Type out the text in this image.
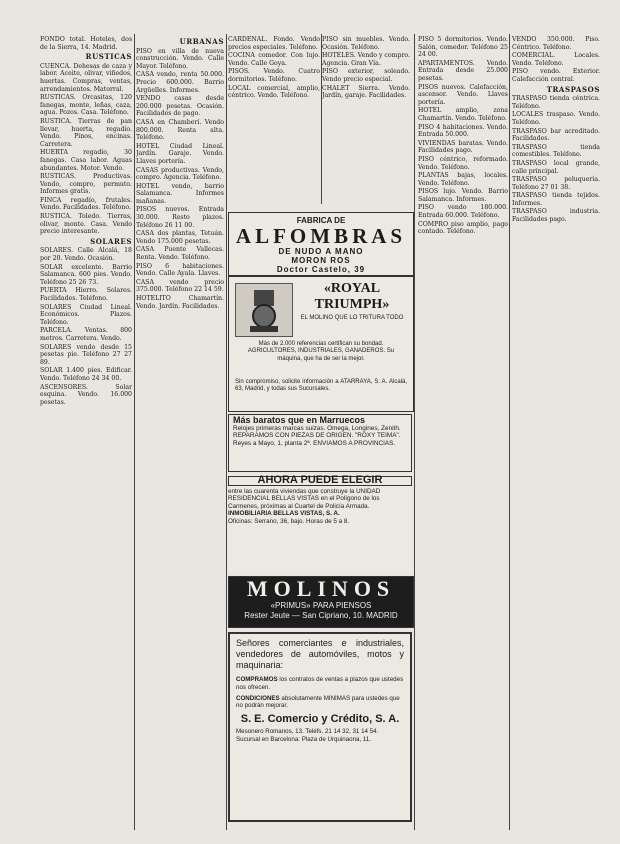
FONDO total. Hoteles, dos de la Sierra, 14. Madrid.

RUSTICAS

CUENCA. Dehesas de caza y labor. Aceite, olivar, viñedos, huertas. Compras, ventas, arrendamientos. Matorral.

RUSTICAS. Orcasitas, 120 fanegas, monte, leñas, caza, agua. Pozos. Casa. Teléfono.

RUSTICA. Tierras de pan llevar, huerta, regadío. Vendo. Pinos, encinas. Carretera.

HUERTA regadío, 30 fanegas. Casa labor. Aguas abundantes. Motor. Vendo.

RUSTICAS. Productivas. Vendo, compro, permuto. Informes gratis.

FINCA regadío, frutales. Vendo. Facilidades. Teléfono.

RUSTICA. Toledo. Tierras, olivar, monte. Casa. Vendo precio interesante.

SOLARES

SOLARES. Calle Alcalá, 18 por 20. Vendo. Ocasión.

SOLAR excelente. Barrio Salamanca. 600 pies. Vendo. Teléfono 25 26 73.

PUERTA Hierro. Solares. Facilidades. Teléfono.

SOLARES Ciudad Lineal. Económicos. Plazos. Teléfono.

PARCELA. Ventas. 800 metros. Carretera. Vendo.

SOLARES vendo desde 15 pesetas pie. Teléfono 27 27 89.

SOLAR 1.400 pies. Edificar. Vendo. Teléfono 24 34 00.

ASCENSORES. Solar esquina. Vendo. 16.000 pesetas.

URBANAS

PISO en villa de nueva construcción. Vendo. Calle Mayor. Teléfono.

CASA vendo, renta 50.000. Precio 600.000. Barrio Argüelles. Informes.

VENDO casas desde 200.000 pesetas. Ocasión. Facilidades de pago.

CASA en Chamberí. Vendo 800.000. Renta alta. Teléfono.

HOTEL Ciudad Lineal. Jardín. Garaje. Vendo. Llaves portería.

CASAS productivas. Vendo, compro. Agencia. Teléfono.

HOTEL vendo, barrio Salamanca. Informes mañanas.

PISOS nuevos. Entrada 30.000. Resto plazos. Teléfono 26 11 00.

CASA dos plantas, Tetuán. Vendo 175.000 pesetas.

CASA Puente Vallecas. Renta. Vendo. Teléfono.

PISO 6 habitaciones. Vendo. Calle Ayala. Llaves.

CASA vendo precio 375.000. Teléfono 22 14 59.

HOTELITO Chamartín. Vendo. Jardín. Facilidades.

CARDENAL. Fondo. Vendo precios especiales. Teléfono.

COCINA comedor. Con lujo. Vendo. Calle Goya.

PISOS. Vendo. Cuatro dormitorios. Teléfono.

LOCAL comercial, amplio, céntrico. Vendo. Teléfono.

PISO sin muebles. Vendo. Ocasión. Teléfono.

HOTELES. Vendo y compro. Agencia. Gran Vía.

PISO exterior, soleado. Vendo precio especial.

CHALET Sierra. Vendo. Jardín, garaje. Facilidades.

PISO 5 dormitorios. Vendo. Salón, comedor. Teléfono 25 24 00.

APARTAMENTOS. Vendo. Entrada desde 25.000 pesetas.

PISOS nuevos. Calefacción, ascensor. Vendo. Llaves portería.

HOTEL amplio, zona Chamartín. Vendo. Teléfono.

PISO 4 habitaciones. Vendo. Entrada 50.000.

VIVIENDAS baratas. Vendo. Facilidades pago.

PISO céntrico, reformado. Vendo. Teléfono.

PLANTAS bajas, locales. Vendo. Teléfono.

PISOS lujo. Vendo. Barrio Salamanca. Informes.

PISO vendo 180.000. Entrada 60.000. Teléfono.

COMPRO piso amplio, pago contado. Teléfono.

VENDO 350.000. Piso. Céntrico. Teléfono.

COMERCIAL. Locales. Vendo. Teléfono.

PISO vendo. Exterior. Calefacción central.

TRASPASOS

TRASPASO tienda céntrica. Teléfono.

LOCALES traspaso. Vendo. Teléfono.

TRASPASO bar acreditado. Facilidades.

TRASPASO tienda comestibles. Teléfono.

TRASPASO local grande, calle principal.

TRASPASO peluquería. Teléfono 27 01 38.

TRASPASO tienda tejidos. Informes.

TRASPASO industria. Facilidades pago.

FABRICA DE
ALFOMBRAS
DE NUDO A MANO
MORON ROS
Doctor Castelo, 39
«ROYAL TRIUMPH»
EL MOLINO QUE LO TRITURA TODO
Más de 2.000 referencias certifican su bondad. AGRICULTORES, INDUSTRIALES, GANADEROS. Su máquina, que ha de ser la mejor.
Sin compromiso, solicite información a ATARRAYA, S. A. Alcalá, 63, Madrid, y todas sus Sucursales.
Más baratos que en Marruecos
Relojes primeras marcas suizas. Omega, Longines, Zenith. REPARAMOS CON PIEZAS DE ORIGEN. "ROXY TEIMA". Reyes a Mayo, 1, planta 2ª. ENVIAMOS A PROVINCIAS.
AHORA PUEDE ELEGIR
entre las cuarenta viviendas que construye la UNIDAD RESIDENCIAL BELLAS VISTAS en el Polígono de los Carmenes, próximas al Cuartel de Policía Armada.
INMOBILIARIA BELLAS VISTAS, S. A.
Oficinas: Serrano, 36, bajo. Horas de 5 a 8.
MOLINOS
«PRIMUS» PARA PIENSOS
Rester Jeute — San Cipriano, 10. MADRID
Señores comerciantes e industriales, vendedores de automóviles, motos y maquinaria:

COMPRAMOS los contratos de ventas a plazos que ustedes nos ofrecen.

CONDICIONES absolutamente MINIMAS para ustedes que no podrán mejorar.

S. E. Comercio y Crédito, S. A.
Mesonero Romanos, 13. Teléfs. 21 14 32, 31 14 54. Sucursal en Barcelona: Plaza de Urquinaona, 11.
